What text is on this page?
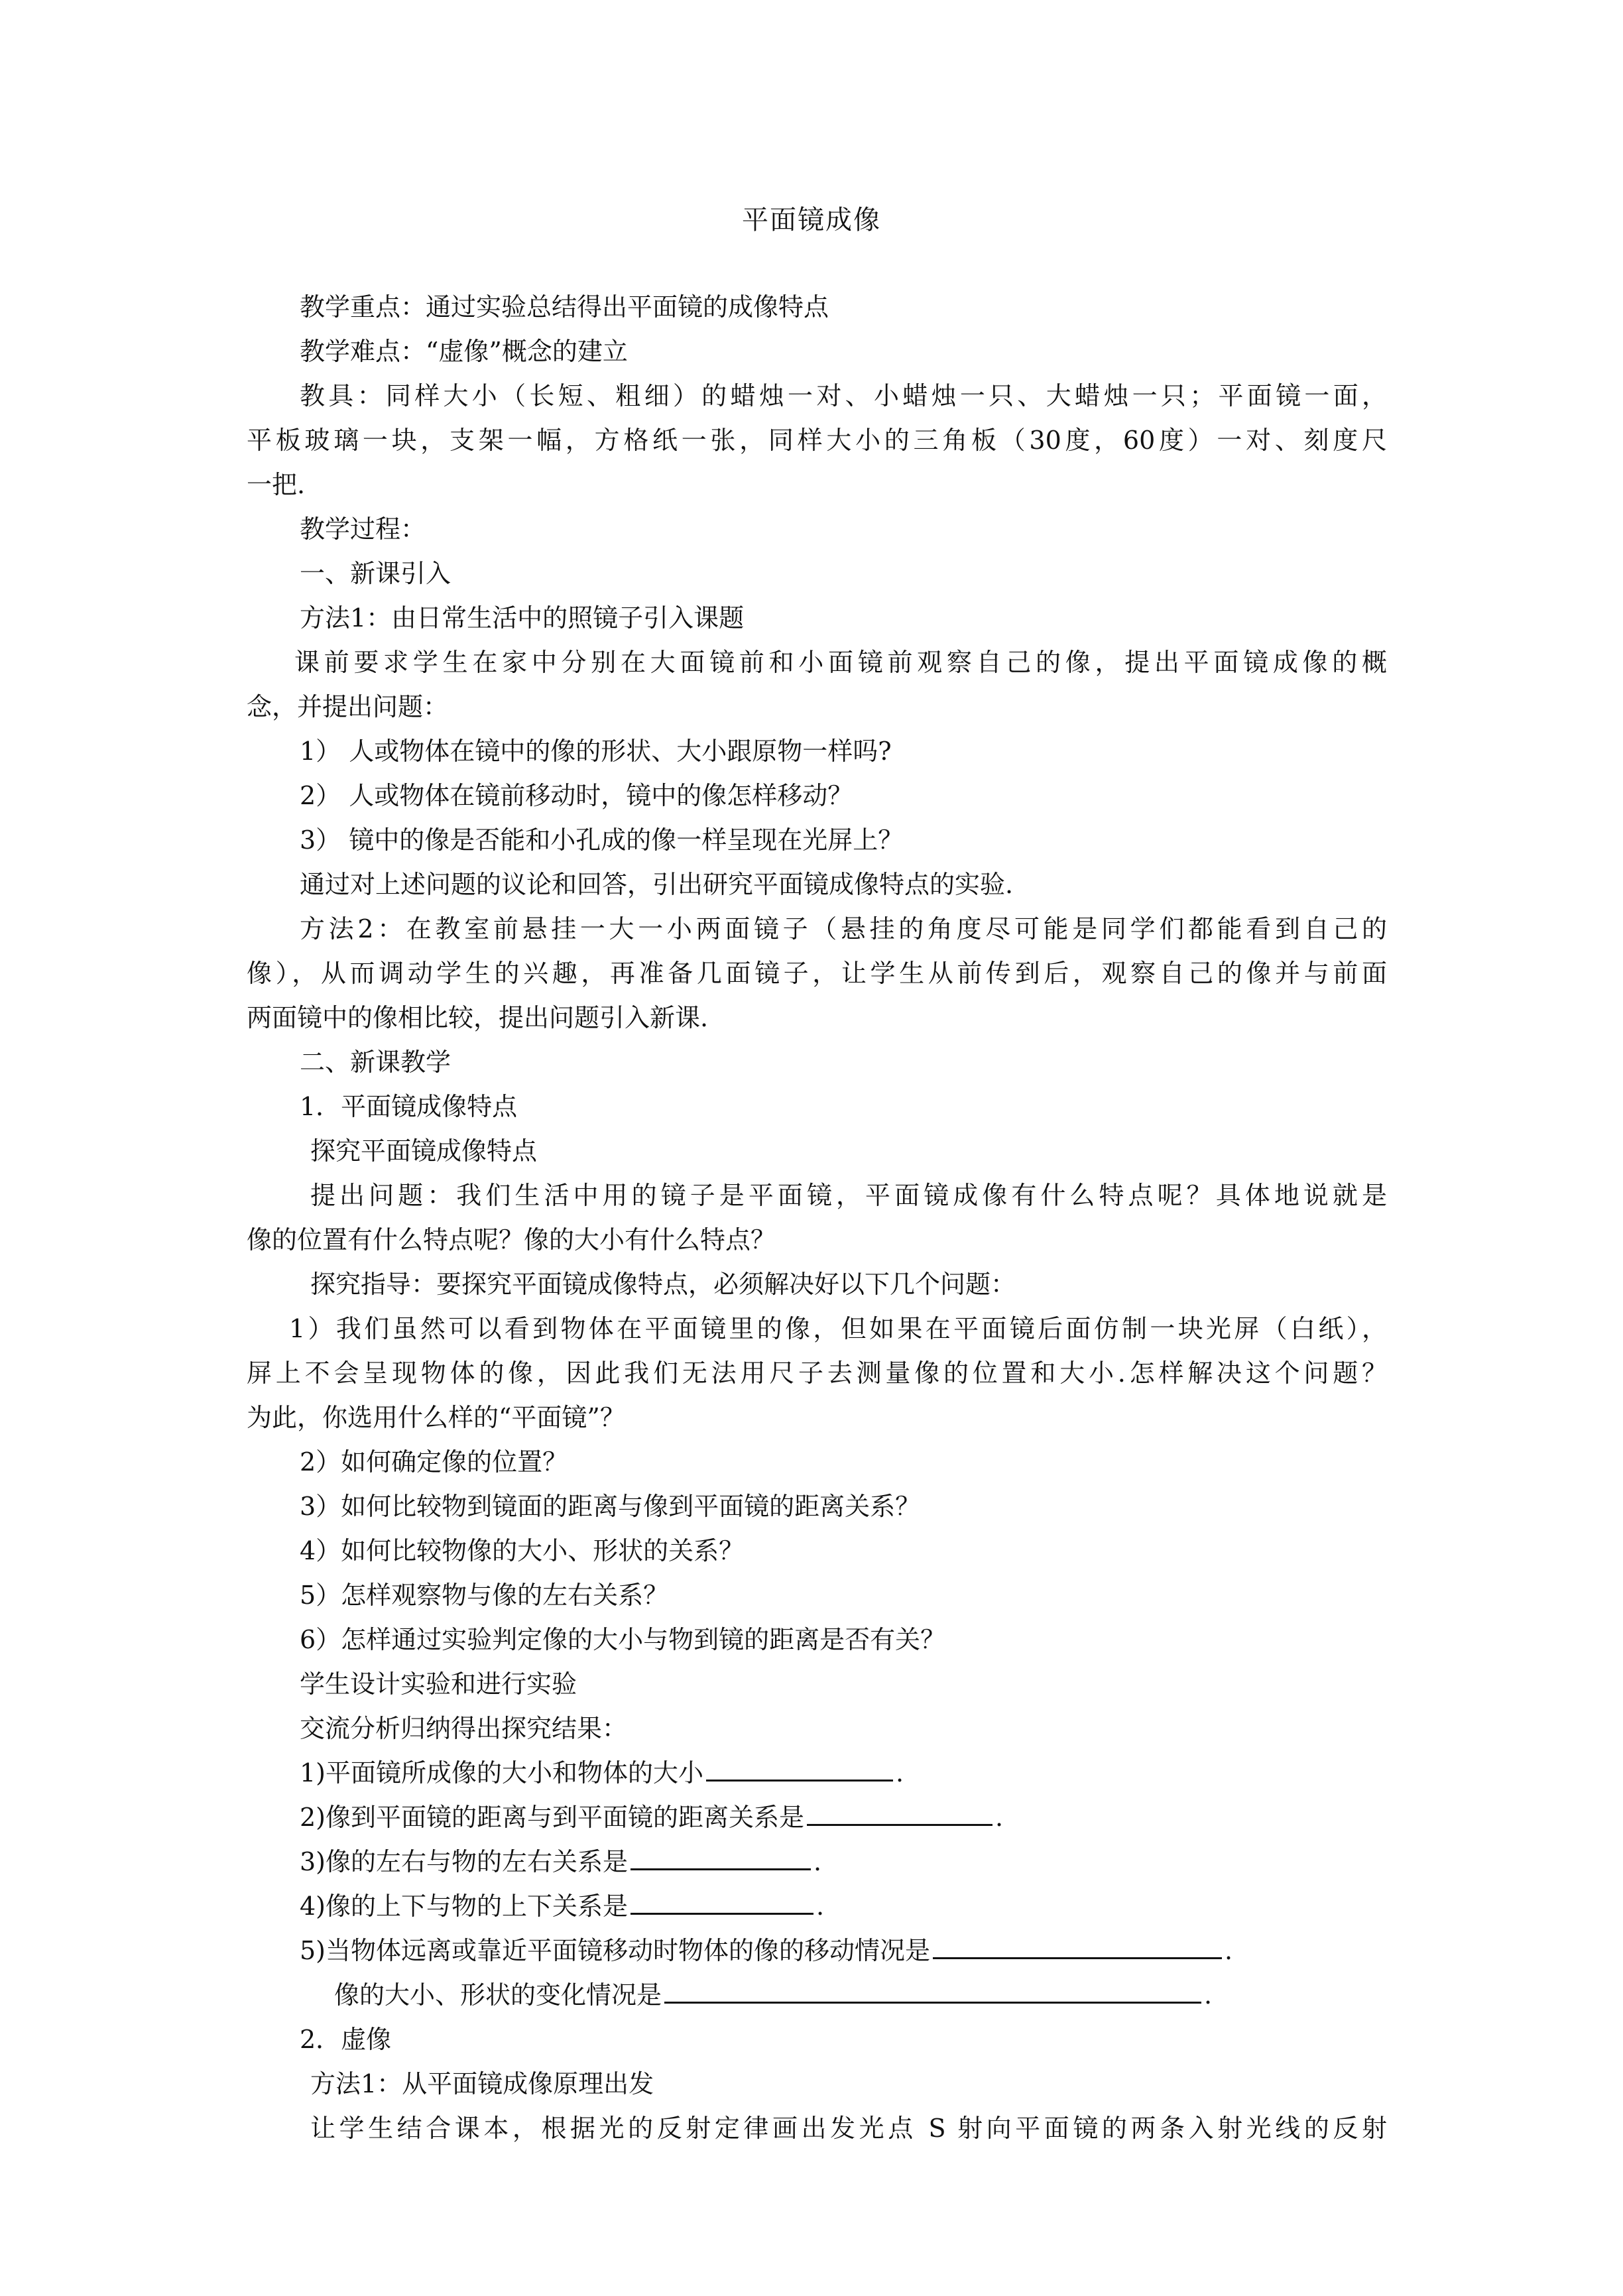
平面镜成像

教学重点：通过实验总结得出平面镜的成像特点

教学难点：“虚像”概念的建立

教具：同样大小（长短、粗细）的蜡烛一对、小蜡烛一只、大蜡烛一只；平面镜一面，

平板玻璃一块，支架一幅，方格纸一张，同样大小的三角板（30度，60度）一对、刻度尺

一把.

教学过程：

一、新课引入

方法1：由日常生活中的照镜子引入课题

课前要求学生在家中分别在大面镜前和小面镜前观察自己的像，提出平面镜成像的概

念，并提出问题：

1） 人或物体在镜中的像的形状、大小跟原物一样吗?

2） 人或物体在镜前移动时，镜中的像怎样移动？

3） 镜中的像是否能和小孔成的像一样呈现在光屏上？

通过对上述问题的议论和回答，引出研究平面镜成像特点的实验.

方法2：在教室前悬挂一大一小两面镜子（悬挂的角度尽可能是同学们都能看到自己的

像），从而调动学生的兴趣，再准备几面镜子，让学生从前传到后，观察自己的像并与前面

两面镜中的像相比较，提出问题引入新课.

二、新课教学

1．平面镜成像特点

探究平面镜成像特点

提出问题：我们生活中用的镜子是平面镜，平面镜成像有什么特点呢？具体地说就是

像的位置有什么特点呢？像的大小有什么特点？

探究指导：要探究平面镜成像特点，必须解决好以下几个问题：

1）我们虽然可以看到物体在平面镜里的像，但如果在平面镜后面仿制一块光屏（白纸），

屏上不会呈现物体的像，因此我们无法用尺子去测量像的位置和大小.怎样解决这个问题？

为此，你选用什么样的“平面镜”？

2）如何确定像的位置？

3）如何比较物到镜面的距离与像到平面镜的距离关系？

4）如何比较物像的大小、形状的关系？

5）怎样观察物与像的左右关系？

6）怎样通过实验判定像的大小与物到镜的距离是否有关？

学生设计实验和进行实验

交流分析归纳得出探究结果：

1)平面镜所成像的大小和物体的大小	.

2)像到平面镜的距离与到平面镜的距离关系是	.

3)像的左右与物的左右关系是	.

4)像的上下与物的上下关系是	.

5)当物体远离或靠近平面镜移动时物体的像的移动情况是	.

像的大小、形状的变化情况是	.

2．虚像

方法1：从平面镜成像原理出发

让学生结合课本，根据光的反射定律画出发光点 S 射向平面镜的两条入射光线的反射
